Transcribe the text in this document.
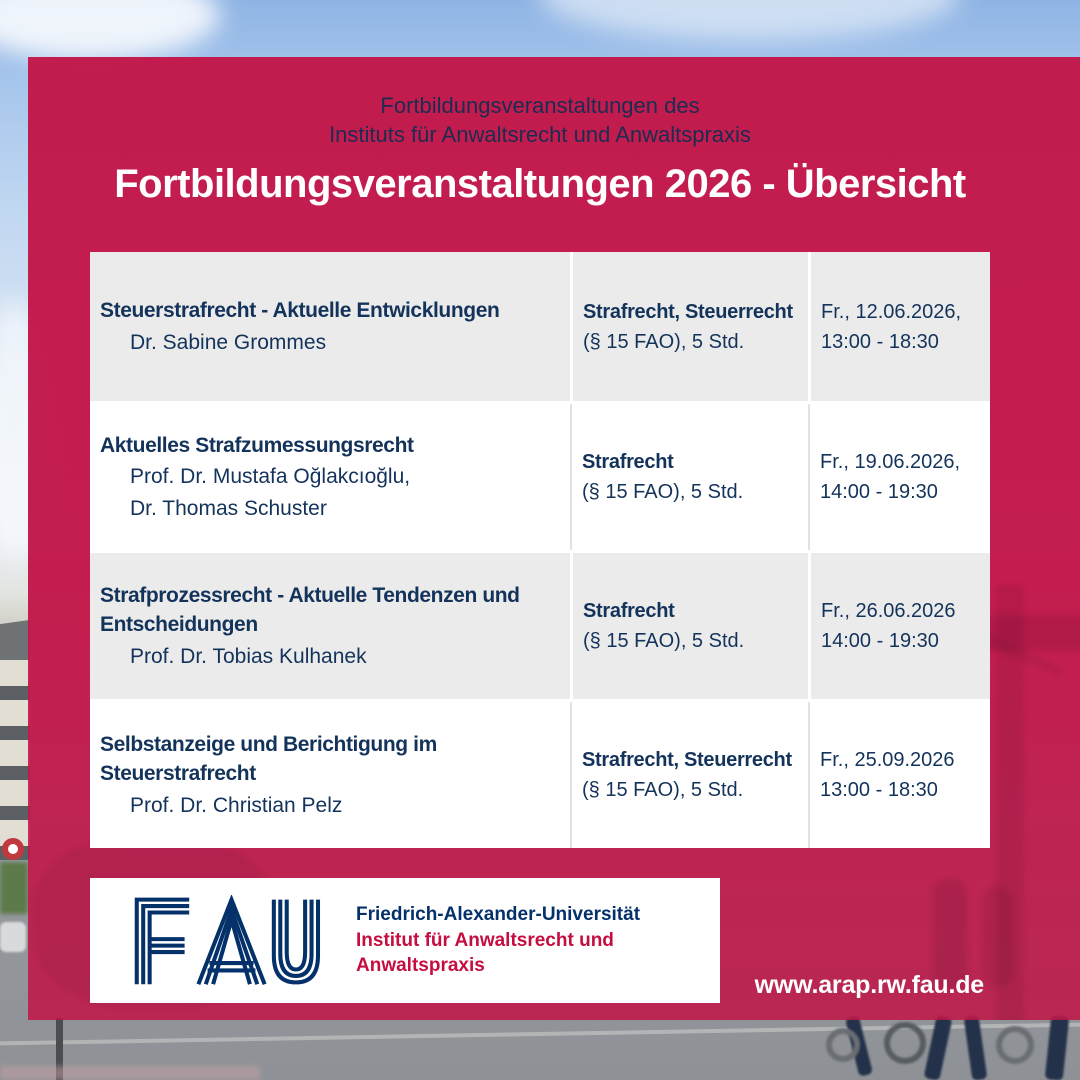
Fortbildungsveranstaltungen des
Instituts für Anwaltsrecht und Anwaltspraxis
Fortbildungsveranstaltungen 2026 - Übersicht
Steuerstrafrecht - Aktuelle Entwicklungen
Dr. Sabine Grommes
Strafrecht, Steuerrecht
(§ 15 FAO), 5 Std.
Fr., 12.06.2026,
13:00 - 18:30
Aktuelles Strafzumessungsrecht
Prof. Dr. Mustafa Oğlakcıoğlu,
Dr. Thomas Schuster
Strafrecht
(§ 15 FAO), 5 Std.
Fr., 19.06.2026,
14:00 - 19:30
Strafprozessrecht - Aktuelle Tendenzen und Entscheidungen
Prof. Dr. Tobias Kulhanek
Strafrecht
(§ 15 FAO), 5 Std.
Fr., 26.06.2026
14:00 - 19:30
Selbstanzeige und Berichtigung im Steuerstrafrecht
Prof. Dr. Christian Pelz
Strafrecht, Steuerrecht
(§ 15 FAO), 5 Std.
Fr., 25.09.2026
13:00 - 18:30
Friedrich-Alexander-Universität
Institut für Anwaltsrecht und
Anwaltspraxis
www.arap.rw.fau.de
